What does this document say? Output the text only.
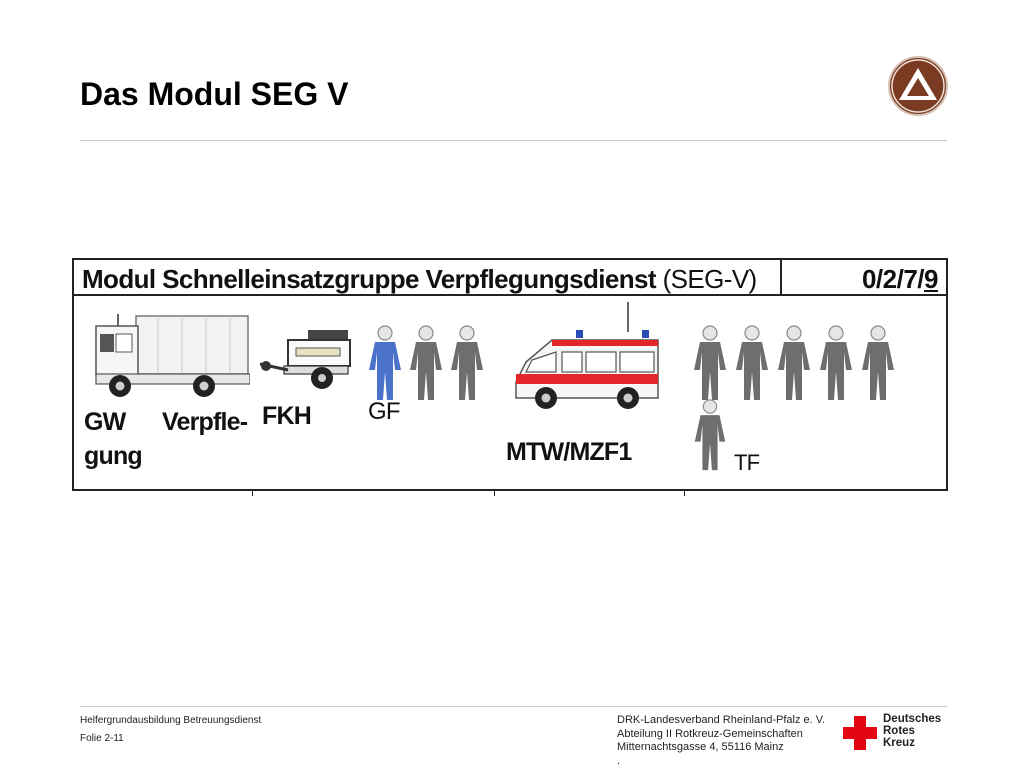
Das Modul SEG V
Modul Schnelleinsatzgruppe Verpflegungsdienst (SEG-V)	0/2/7/9
GW Verpfle-
gung
FKH GF
MTW/MZF1	TF
Helfergrundausbildung Betreuungsdienst
Folie 2-11
DRK-Landesverband Rheinland-Pfalz e. V.
Abteilung II Rotkreuz-Gemeinschaften
Mitternachtsgasse 4, 55116 Mainz
.
Deutsches
Rotes
Kreuz
